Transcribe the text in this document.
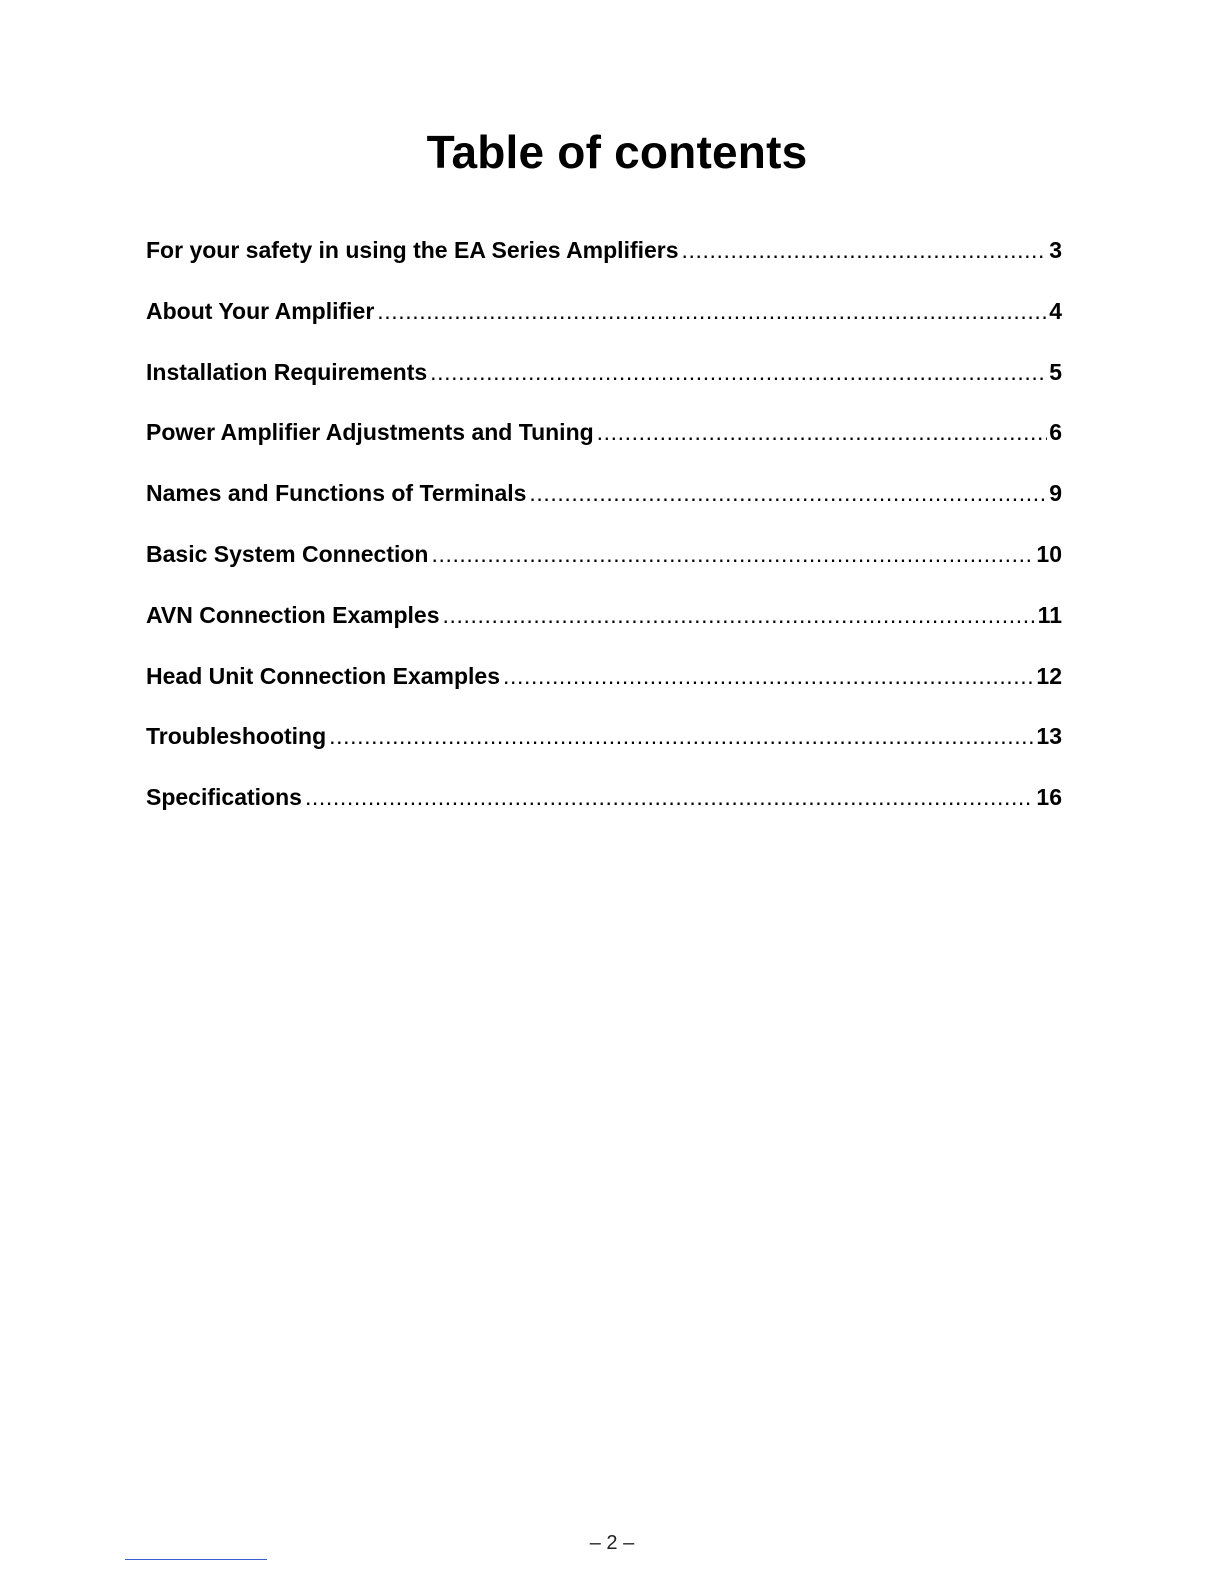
Table of contents
For your safety in using the EA Series Amplifiers .....	3
About Your Amplifier .....	4
Installation Requirements .....	5
Power Amplifier Adjustments and Tuning .....	6
Names and Functions of Terminals .....	9
Basic System Connection .....	10
AVN Connection Examples .....	11
Head Unit Connection Examples .....	12
Troubleshooting .....	13
Specifications .....	16
– 2 –
